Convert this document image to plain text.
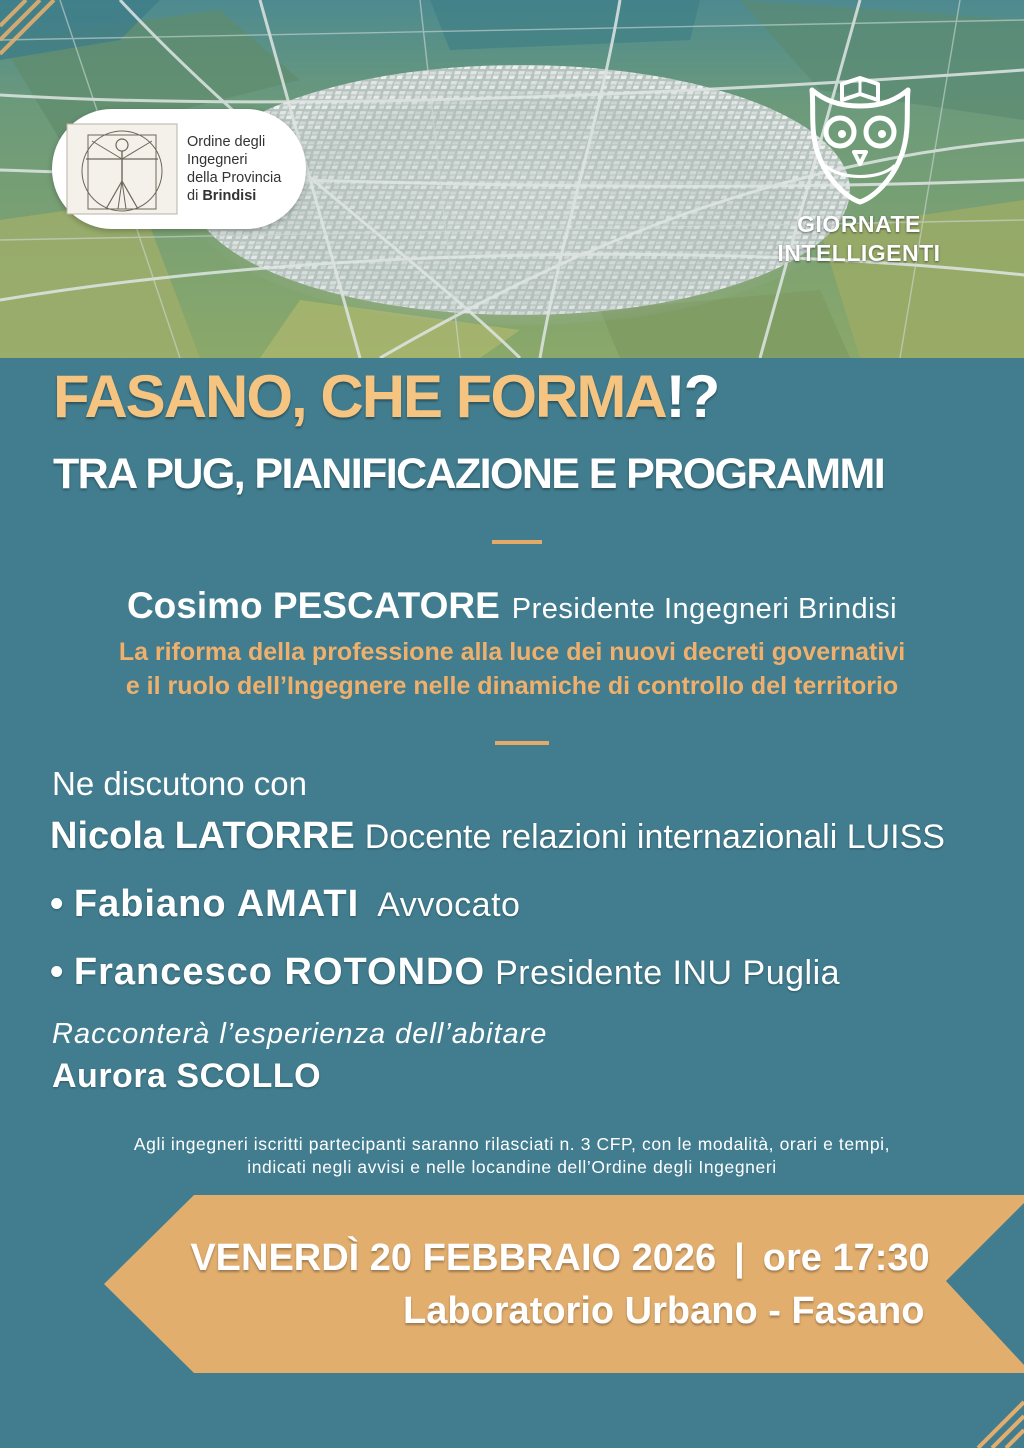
Ordine degli
Ingegneri
della Provincia
di Brindisi
GIORNATE
INTELLIGENTI
FASANO, CHE FORMA!?
TRA PUG, PIANIFICAZIONE E PROGRAMMI
Cosimo PESCATORE Presidente Ingegneri Brindisi
La riforma della professione alla luce dei nuovi decreti governativi
e il ruolo dell’Ingegnere nelle dinamiche di controllo del territorio
Ne discutono con
Nicola LATORRE Docente relazioni internazionali LUISS
• Fabiano AMATI Avvocato
• Francesco ROTONDO Presidente INU Puglia
Racconterà l’esperienza dell’abitare
Aurora SCOLLO
Agli ingegneri iscritti partecipanti saranno rilasciati n. 3 CFP, con le modalità, orari e tempi,
indicati negli avvisi e nelle locandine dell’Ordine degli Ingegneri
VENERDÌ 20 FEBBRAIO 2026 | ore 17:30
Laboratorio Urbano - Fasano
